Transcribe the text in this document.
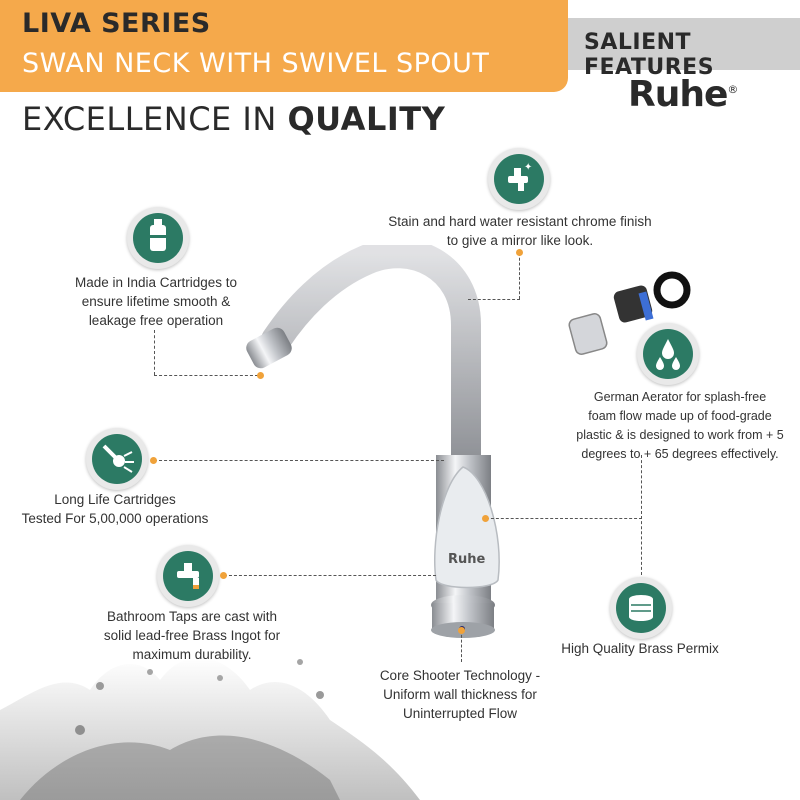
LIVA SERIES
SWAN NECK WITH SWIVEL SPOUT
SALIENT FEATURES
Ruhe®
EXCELLENCE IN QUALITY
Ruhe
✦
Stain and hard water resistant chrome finish
to give a mirror like look.
Made in India Cartridges to
ensure lifetime smooth &
leakage free operation
German Aerator for splash-free
foam flow made up of food-grade
plastic & is designed to work from + 5
degrees to + 65 degrees effectively.
Long Life Cartridges
Tested For 5,00,000 operations
Bathroom Taps are cast with
solid lead-free Brass Ingot for
maximum durability.	High Quality Brass Permix
Core Shooter Technology -
Uniform wall thickness for
Uninterrupted Flow
